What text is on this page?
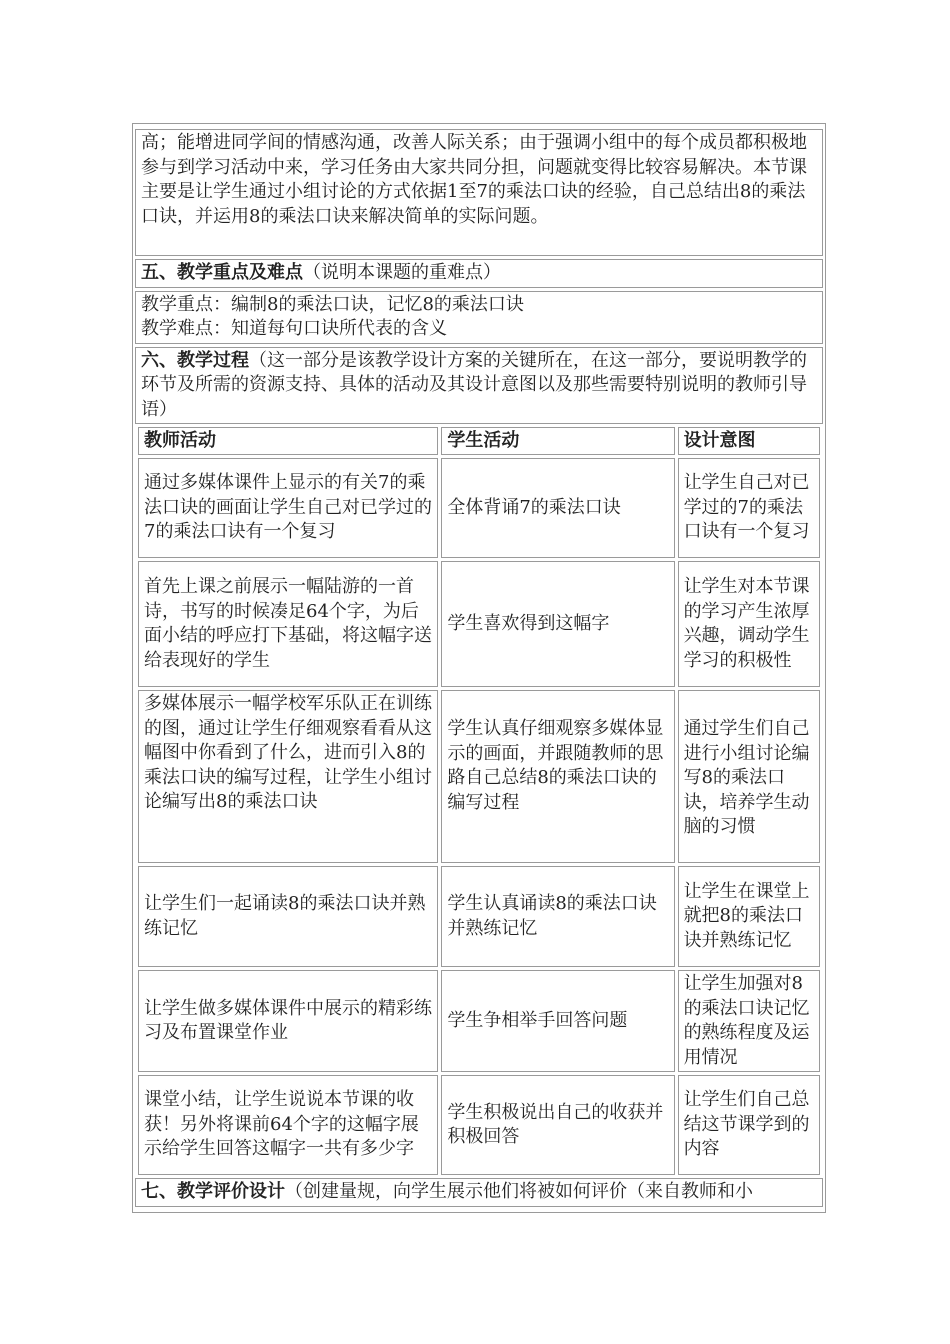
高；能增进同学间的情感沟通，改善人际关系；由于强调小组中的每个成员都积极地参与到学习活动中来，学习任务由大家共同分担，问题就变得比较容易解决。本节课主要是让学生通过小组讨论的方式依据1至7的乘法口诀的经验，自己总结出8的乘法口诀，并运用8的乘法口诀来解决简单的实际问题。
五、教学重点及难点（说明本课题的重难点）

教学重点：编制8的乘法口诀，记忆8的乘法口诀
教学难点：知道每句口诀所代表的含义

六、教学过程（这一部分是该教学设计方案的关键所在，在这一部分，要说明教学的环节及所需的资源支持、具体的活动及其设计意图以及那些需要特别说明的教师引导语）
教师活动	学生活动	设计意图
通过多媒体课件上显示的有关7的乘法口诀的画面让学生自己对已学过的7的乘法口诀有一个复习	全体背诵7的乘法口诀	让学生自己对已学过的7的乘法口诀有一个复习
首先上课之前展示一幅陆游的一首诗，书写的时候凑足64个字，为后面小结的呼应打下基础，将这幅字送给表现好的学生	学生喜欢得到这幅字	让学生对本节课的学习产生浓厚兴趣，调动学生学习的积极性
多媒体展示一幅学校军乐队正在训练的图，通过让学生仔细观察看看从这幅图中你看到了什么，进而引入8的乘法口诀的编写过程，让学生小组讨论编写出8的乘法口诀	学生认真仔细观察多媒体显示的画面，并跟随教师的思路自己总结8的乘法口诀的编写过程	通过学生们自己进行小组讨论编写8的乘法口诀，培养学生动脑的习惯
让学生们一起诵读8的乘法口诀并熟练记忆	学生认真诵读8的乘法口诀并熟练记忆	让学生在课堂上就把8的乘法口诀并熟练记忆
让学生做多媒体课件中展示的精彩练习及布置课堂作业	学生争相举手回答问题	让学生加强对8的乘法口诀记忆的熟练程度及运用情况
课堂小结，让学生说说本节课的收获！另外将课前64个字的这幅字展示给学生回答这幅字一共有多少字	学生积极说出自己的收获并积极回答	让学生们自己总结这节课学到的内容
七、教学评价设计（创建量规，向学生展示他们将被如何评价（来自教师和小
